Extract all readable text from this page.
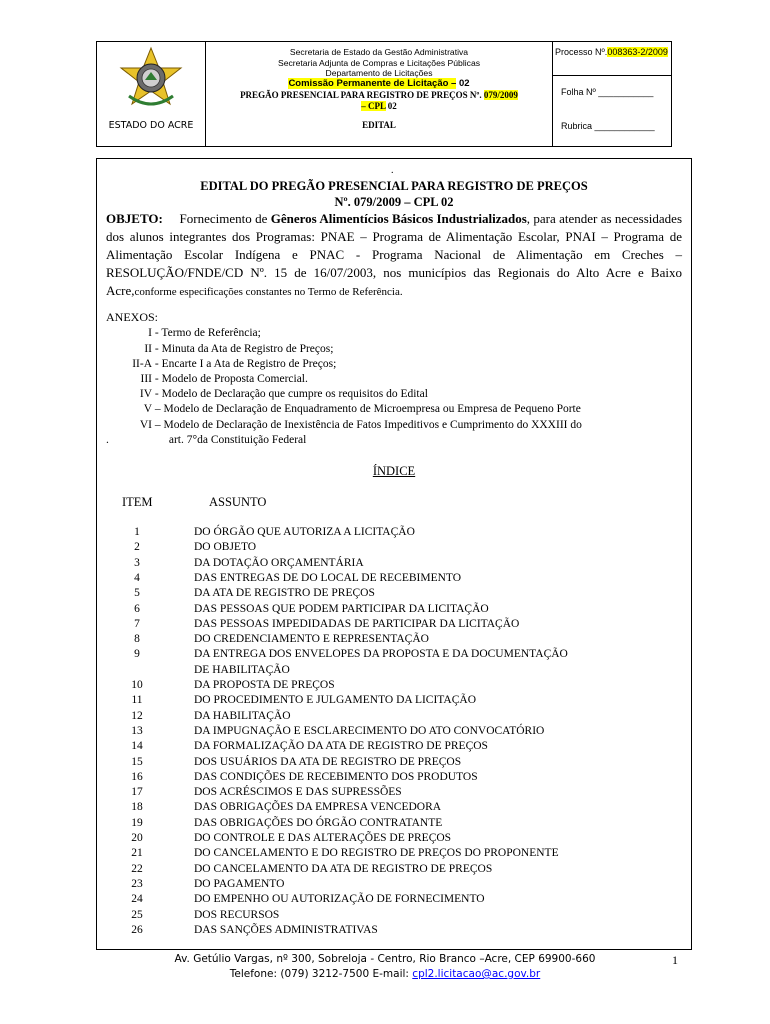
ESTADO DO ACRE
Secretaria de Estado da Gestão Administrativa
Secretaria Adjunta de Compras e Licitações Públicas
Departamento de Licitações
Comissão Permanente de Licitação – 02
PREGÃO PRESENCIAL PARA REGISTRO DE PREÇOS Nº. 079/2009
– CPL 02
EDITAL
Processo Nº.008363-2/2009
Folha Nº ___________
Rubrica ____________
.
EDITAL DO PREGÃO PRESENCIAL PARA REGISTRO DE PREÇOS
Nº. 079/2009 – CPL 02
OBJETO: Fornecimento de Gêneros Alimentícios Básicos Industrializados, para atender as necessidades dos alunos integrantes dos Programas: PNAE – Programa de Alimentação Escolar, PNAI – Programa de Alimentação Escolar Indígena e PNAC - Programa Nacional de Alimentação em Creches – RESOLUÇÃO/FNDE/CD Nº. 15 de 16/07/2003, nos municípios das Regionais do Alto Acre e Baixo Acre,conforme especificações constantes no Termo de Referência.
ANEXOS:
I - Termo de Referência;
II - Minuta da Ata de Registro de Preços;
II-A - Encarte I a Ata de Registro de Preços;
III - Modelo de Proposta Comercial.
IV - Modelo de Declaração que cumpre os requisitos do Edital
V – Modelo de Declaração de Enquadramento de Microempresa ou Empresa de Pequeno Porte
VI – Modelo de Declaração de Inexistência de Fatos Impeditivos e Cumprimento do XXXIII do
.	art. 7°da Constituição Federal
ÍNDICE
ITEM	ASSUNTO
1	DO ÓRGÃO QUE AUTORIZA A LICITAÇÃO
2	DO OBJETO
3	DA DOTAÇÃO ORÇAMENTÁRIA
4	DAS ENTREGAS DE DO LOCAL DE RECEBIMENTO
5	DA ATA DE REGISTRO DE PREÇOS
6	DAS PESSOAS QUE PODEM PARTICIPAR DA LICITAÇÃO
7	DAS PESSOAS IMPEDIDADAS DE PARTICIPAR DA LICITAÇÃO
8	DO CREDENCIAMENTO E REPRESENTAÇÃO
9	DA ENTREGA DOS ENVELOPES DA PROPOSTA E DA DOCUMENTAÇÃO
DE HABILITAÇÃO
10	DA PROPOSTA DE PREÇOS
11	DO PROCEDIMENTO E JULGAMENTO DA LICITAÇÃO
12	DA HABILITAÇÃO
13	DA IMPUGNAÇÃO E ESCLARECIMENTO DO ATO CONVOCATÓRIO
14	DA FORMALIZAÇÃO DA ATA DE REGISTRO DE PREÇOS
15	DOS USUÁRIOS DA ATA DE REGISTRO DE PREÇOS
16	DAS CONDIÇÕES DE RECEBIMENTO DOS PRODUTOS
17	DOS ACRÉSCIMOS E DAS SUPRESSÕES
18	DAS OBRIGAÇÕES DA EMPRESA VENCEDORA
19	DAS OBRIGAÇÕES DO ÓRGÃO CONTRATANTE
20	DO CONTROLE E DAS ALTERAÇÕES DE PREÇOS
21	DO CANCELAMENTO E DO REGISTRO DE PREÇOS DO PROPONENTE
22	DO CANCELAMENTO DA ATA DE REGISTRO DE PREÇOS
23	DO PAGAMENTO
24	DO EMPENHO OU AUTORIZAÇÃO DE FORNECIMENTO
25	DOS RECURSOS
26	DAS SANÇÕES ADMINISTRATIVAS
Av. Getúlio Vargas, nº 300, Sobreloja - Centro, Rio Branco –Acre, CEP 69900-660
Telefone: (079) 3212-7500 E-mail: cpl2.licitacao@ac.gov.br
1
